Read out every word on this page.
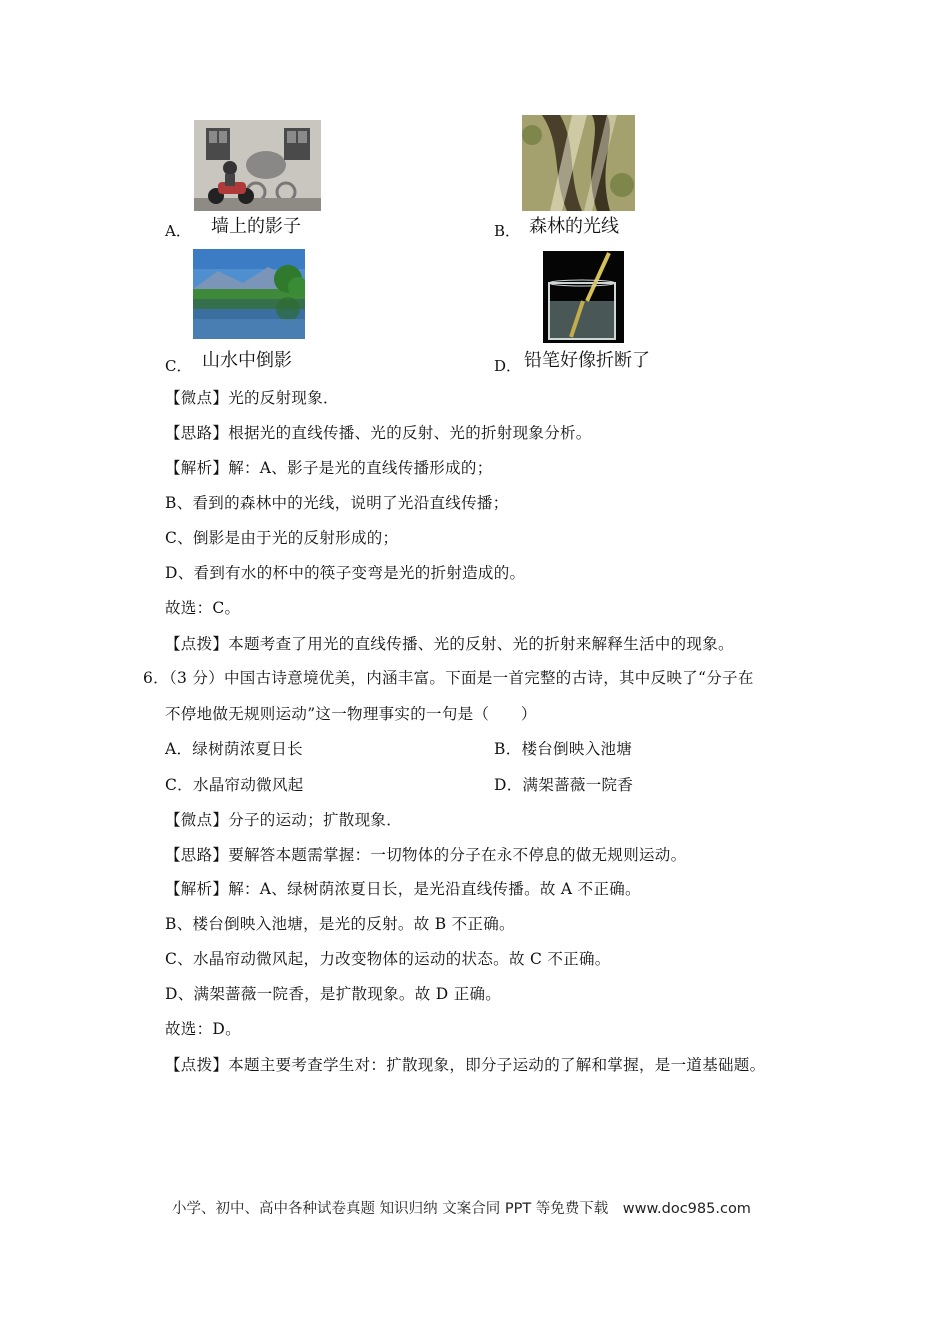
A． 墙上的影子	B． 森林的光线
C． 山水中倒影	D． 铅笔好像折断了
【微点】光的反射现象．
【思路】根据光的直线传播、光的反射、光的折射现象分析。
【解析】解：A、影子是光的直线传播形成的；
B、看到的森林中的光线，说明了光沿直线传播；
C、倒影是由于光的反射形成的；
D、看到有水的杯中的筷子变弯是光的折射造成的。
故选：C。
【点拨】本题考查了用光的直线传播、光的反射、光的折射来解释生活中的现象。
6．（3 分）中国古诗意境优美，内涵丰富。下面是一首完整的古诗，其中反映了“分子在
不停地做无规则运动”这一物理事实的一句是（　　）
A．绿树荫浓夏日长	B．楼台倒映入池塘
C．水晶帘动微风起	D．满架蔷薇一院香
【微点】分子的运动；扩散现象．
【思路】要解答本题需掌握：一切物体的分子在永不停息的做无规则运动。
【解析】解：A、绿树荫浓夏日长，是光沿直线传播。故 A 不正确。
B、楼台倒映入池塘，是光的反射。故 B 不正确。
C、水晶帘动微风起，力改变物体的运动的状态。故 C 不正确。
D、满架蔷薇一院香，是扩散现象。故 D 正确。
故选：D。
【点拨】本题主要考查学生对：扩散现象，即分子运动的了解和掌握，是一道基础题。
小学、初中、高中各种试卷真题 知识归纳 文案合同 PPT 等免费下载　www.doc985.com
